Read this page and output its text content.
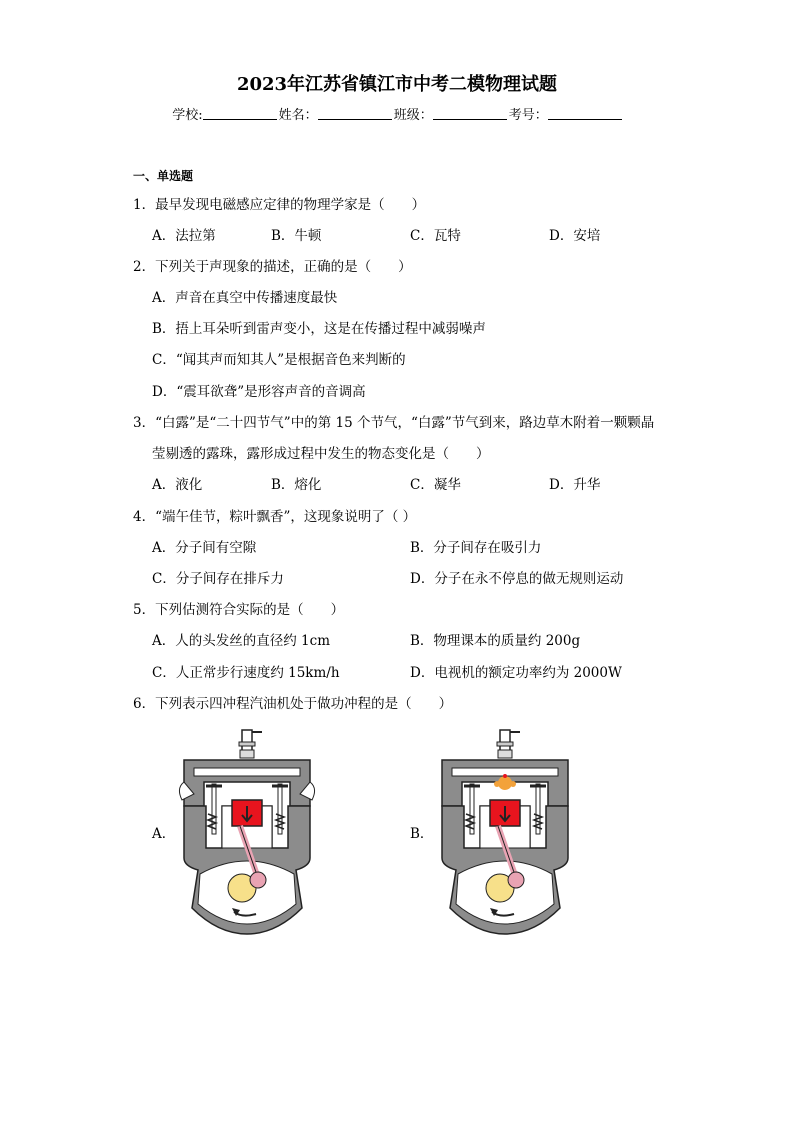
2023年江苏省镇江市中考二模物理试题
学校:	姓名：	班级：	考号：
一、单选题
1．最早发现电磁感应定律的物理学家是（　　）
A．法拉第	B．牛顿	C．瓦特	D．安培
2．下列关于声现象的描述，正确的是（　　）
A．声音在真空中传播速度最快
B．捂上耳朵听到雷声变小，这是在传播过程中减弱噪声
C．“闻其声而知其人”是根据音色来判断的
D．“震耳欲聋”是形容声音的音调高
3．“白露”是“二十四节气”中的第 15 个节气，“白露”节气到来，路边草木附着一颗颗晶
莹剔透的露珠，露形成过程中发生的物态变化是（　　）
A．液化	B．熔化	C．凝华	D．升华
4．“端午佳节，粽叶飘香”，这现象说明了（ ）
A．分子间有空隙	B．分子间存在吸引力
C．分子间存在排斥力	D．分子在永不停息的做无规则运动
5．下列估测符合实际的是（　　）
A．人的头发丝的直径约 1cm	B．物理课本的质量约 200g
C．人正常步行速度约 15km/h	D．电视机的额定功率约为 2000W
6．下列表示四冲程汽油机处于做功冲程的是（　　）
A．	B．
